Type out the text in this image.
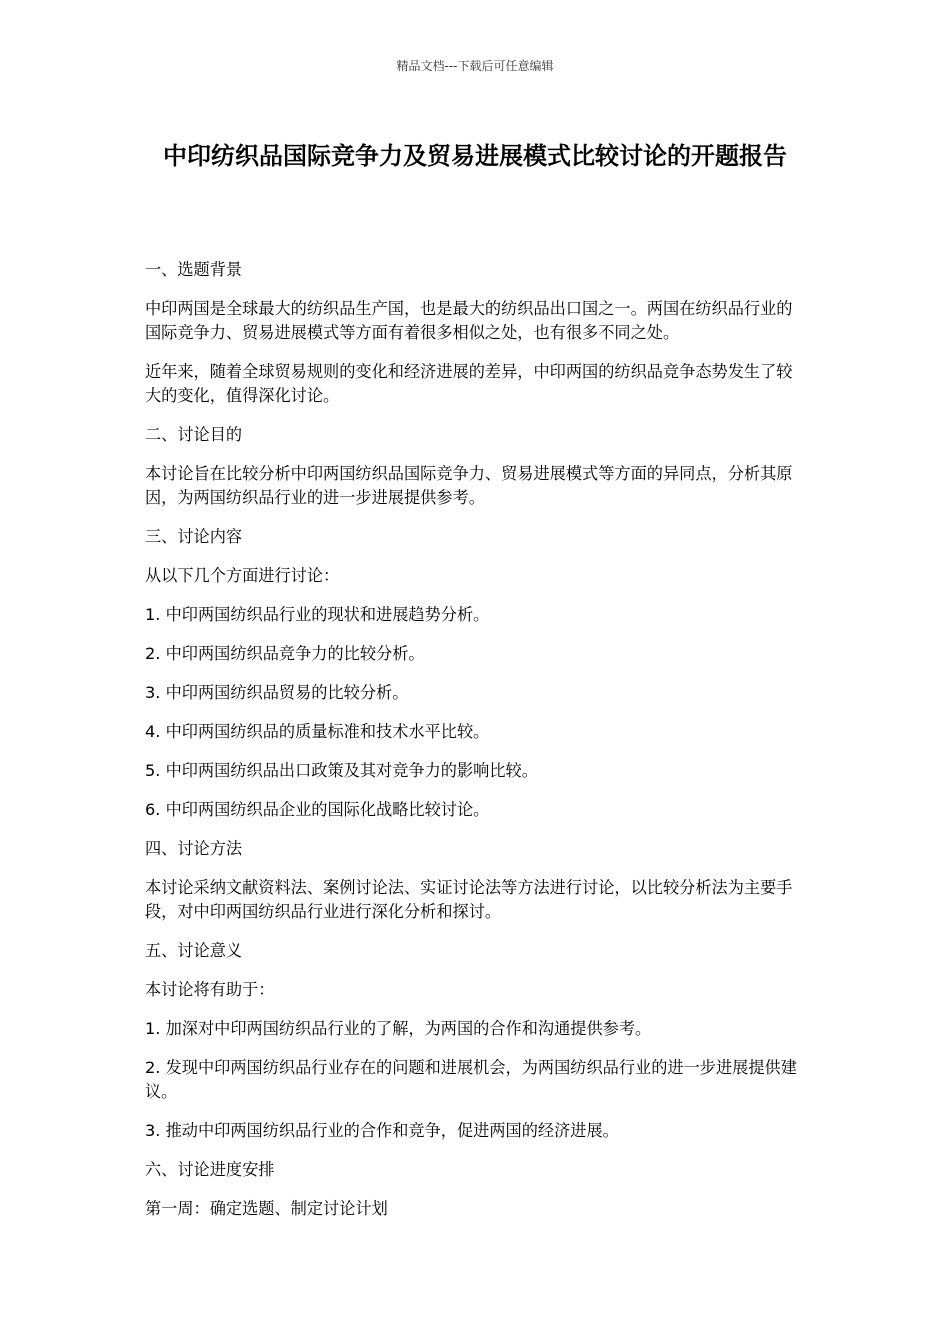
精品文档---下载后可任意编辑
中印纺织品国际竞争力及贸易进展模式比较讨论的开题报告

一、选题背景

中印两国是全球最大的纺织品生产国，也是最大的纺织品出口国之一。两国在纺织品行业的国际竞争力、贸易进展模式等方面有着很多相似之处，也有很多不同之处。

近年来，随着全球贸易规则的变化和经济进展的差异，中印两国的纺织品竞争态势发生了较大的变化，值得深化讨论。

二、讨论目的

本讨论旨在比较分析中印两国纺织品国际竞争力、贸易进展模式等方面的异同点，分析其原因，为两国纺织品行业的进一步进展提供参考。

三、讨论内容

从以下几个方面进行讨论：

1. 中印两国纺织品行业的现状和进展趋势分析。

2. 中印两国纺织品竞争力的比较分析。

3. 中印两国纺织品贸易的比较分析。

4. 中印两国纺织品的质量标准和技术水平比较。

5. 中印两国纺织品出口政策及其对竞争力的影响比较。

6. 中印两国纺织品企业的国际化战略比较讨论。

四、讨论方法

本讨论采纳文献资料法、案例讨论法、实证讨论法等方法进行讨论，以比较分析法为主要手段，对中印两国纺织品行业进行深化分析和探讨。

五、讨论意义

本讨论将有助于：

1. 加深对中印两国纺织品行业的了解，为两国的合作和沟通提供参考。

2. 发现中印两国纺织品行业存在的问题和进展机会，为两国纺织品行业的进一步进展提供建议。

3. 推动中印两国纺织品行业的合作和竞争，促进两国的经济进展。

六、讨论进度安排

第一周：确定选题、制定讨论计划
